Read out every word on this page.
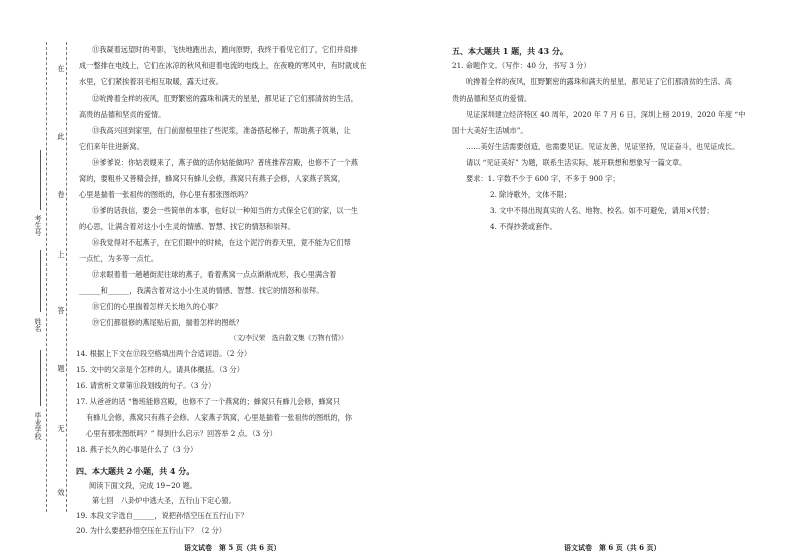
在
此
卷
上
答
题
无
效
考生号
姓名
毕业学校
⑪我凝着远望时的考影，飞快地跑出去，跑向原野，我终于看见它们了，它们并肩排
成一整排在电线上，它们在冰凉的秋风和迎着电流的电线上，在夜晚的寒风中，有时就成在
水里，它们紧挨着羽毛相互取暖，露天过夜。
⑫吮搀着全样的夜风，肛野繁密的露珠和满天的星星，都见证了它们那清贫的生活，
高贵的品德和坚贞的爱情。
⑬我高兴回到家里，在门前窗根里挂了些泥浆，准备搭起梯子，帮助燕子筑巢，让
它们来年住进新窝。
⑭爹爹说：你姑表嫂来了，燕子做的活你姑能做吗？普班推荐宫殿，也修不了一个燕
窝的，要粗朴又善精会择，蜂窝只有蜂儿会修，燕窝只有燕子会修，人家燕子筑窝，
心里是揣着一张祖传的图纸的，你心里有那张图纸吗？
⑮爹的话我信，要会一些简单的本事，也好以一种知当的方式保全它们的家，以一生
的心思，让满含着对这小小生灵的情感、智慧、找它的情怒和崇拜。
⑯我觉得对不起燕子，在它们眼中的时候，在这个泥泞的春天里，竟不能为它们帮
一点忙，为多等一点忙。
⑰求眼着着一趟趟街泥往球的燕子，看着燕窝一点点渐渐成形，我心里满含着
______和______，我满含着对这小小生灵的情感、智慧、找它的情怒和崇拜。
⑱它们的心里揣着怎样天长地久的心事？
⑲它们都很修的燕尾贴后面，揣着怎样的图纸？
（文/李汉荣　选自散文集《万物有情》）
14. 根据上下文在⑰段空格填出两个合适词语。（2 分）
15. 文中的父亲是个怎样的人。请具体概括。（3 分）
16. 请赏析文章第⑪段划线的句子。（3 分）
17. 从爸爸的话 “鲁班能修宫殿，也修不了一个燕窝的；蜂窝只有蜂儿会修，蜂窝只
有蜂儿会修，燕窝只有燕子会修。人家燕子筑窝，心里是揣着一张祖传的图纸的，你
心里有那张图纸吗？” 得到什么启示？回答举 2 点。（3 分）
18. 燕子长久的心事是什么了（3 分）
四、本大题共 2 小题，共 4 分。
阅读下面文段，完成 19~20 题。
第七回　八卦炉中逃大圣，五行山下定心猿。
19. 本段文字选自______，说把孙悟空压在五行山下？
20. 为什么要把孙悟空压在五行山下？（2 分）
语文试卷　第 5 页（共 6 页）
五、本大题共 1 题，共 43 分。
21. 命题作文。（写作：40 分，书写 3 分）
吮搀着全样的夜风，肛野繁密的露珠和满天的星星，都见证了它们那清贫的生活、高
贵的品德和坚贞的爱情。
见证深圳建立经济特区 40 周年，2020 年 7 月 6 日，深圳上榜 2019、2020 年度 “中
国十大美好生活城市”。
……美好生活需要创造，也需要见证。见证友善，见证坚持，见证奋斗，也见证成长。
请以 “见证美好” 为题，联系生活实际，展开联想和想象写一篇文章。
要求：1. 字数不少于 600 字，不多于 900 字；
2. 除诗歌外，文体不限；
3. 文中不得出现真实的人名、地物、校名。如不可避免，请用×代替；
4. 不得抄袭或套作。
语文试卷　第 6 页（共 6 页）
